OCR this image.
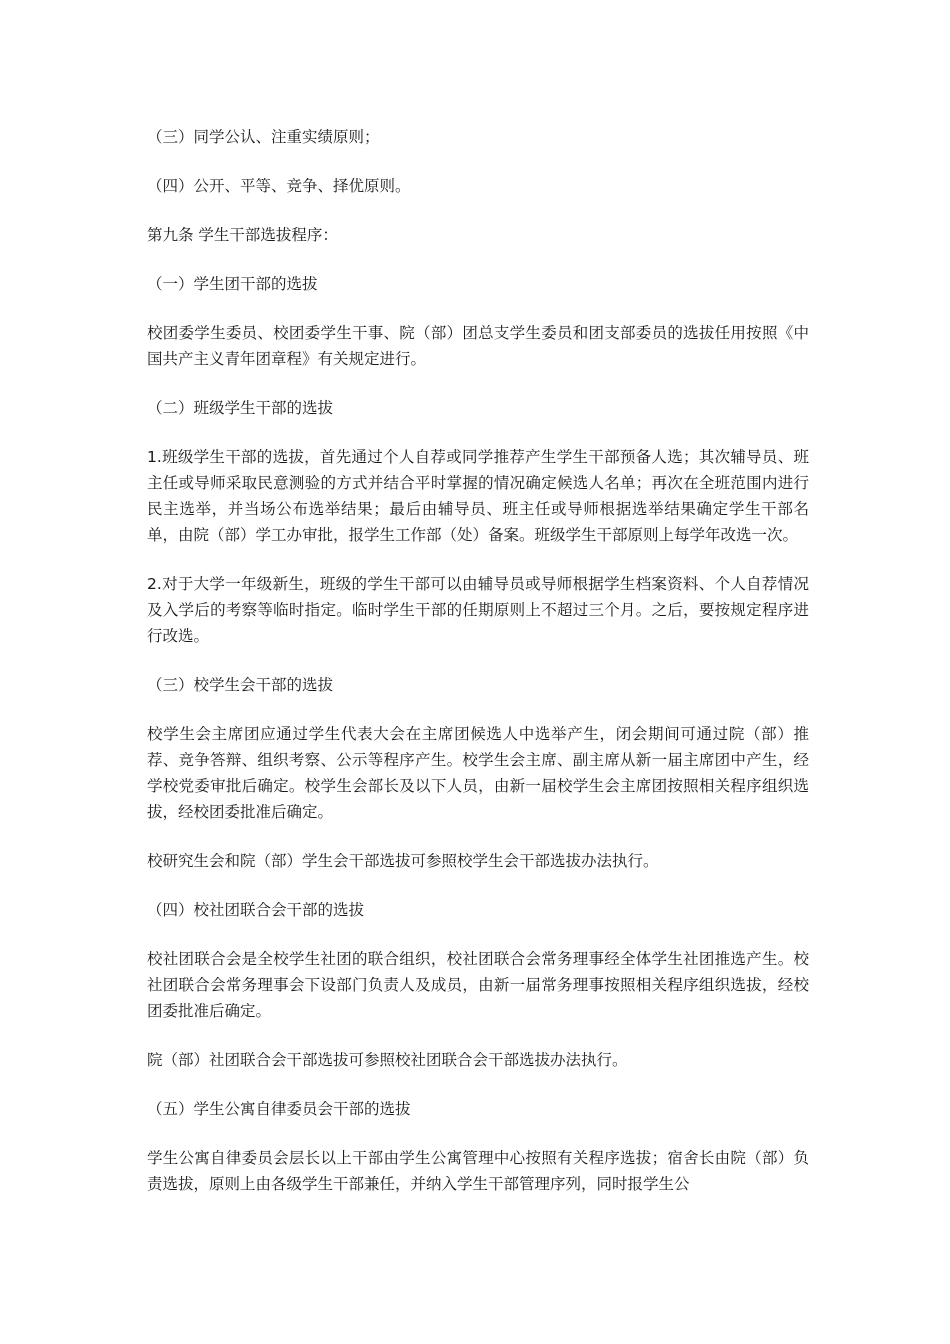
（三）同学公认、注重实绩原则；

（四）公开、平等、竞争、择优原则。

第九条 学生干部选拔程序：

（一）学生团干部的选拔

校团委学生委员、校团委学生干事、院（部）团总支学生委员和团支部委员的选拔任用按照《中国共产主义青年团章程》有关规定进行。

（二）班级学生干部的选拔

1.班级学生干部的选拔，首先通过个人自荐或同学推荐产生学生干部预备人选；其次辅导员、班主任或导师采取民意测验的方式并结合平时掌握的情况确定候选人名单；再次在全班范围内进行民主选举，并当场公布选举结果；最后由辅导员、班主任或导师根据选举结果确定学生干部名单，由院（部）学工办审批，报学生工作部（处）备案。班级学生干部原则上每学年改选一次。

2.对于大学一年级新生，班级的学生干部可以由辅导员或导师根据学生档案资料、个人自荐情况及入学后的考察等临时指定。临时学生干部的任期原则上不超过三个月。之后，要按规定程序进行改选。

（三）校学生会干部的选拔

校学生会主席团应通过学生代表大会在主席团候选人中选举产生，闭会期间可通过院（部）推荐、竞争答辩、组织考察、公示等程序产生。校学生会主席、副主席从新一届主席团中产生，经学校党委审批后确定。校学生会部长及以下人员，由新一届校学生会主席团按照相关程序组织选拔，经校团委批准后确定。

校研究生会和院（部）学生会干部选拔可参照校学生会干部选拔办法执行。

（四）校社团联合会干部的选拔

校社团联合会是全校学生社团的联合组织，校社团联合会常务理事经全体学生社团推选产生。校社团联合会常务理事会下设部门负责人及成员，由新一届常务理事按照相关程序组织选拔，经校团委批准后确定。

院（部）社团联合会干部选拔可参照校社团联合会干部选拔办法执行。

（五）学生公寓自律委员会干部的选拔

学生公寓自律委员会层长以上干部由学生公寓管理中心按照有关程序选拔；宿舍长由院（部）负责选拔，原则上由各级学生干部兼任，并纳入学生干部管理序列，同时报学生公
